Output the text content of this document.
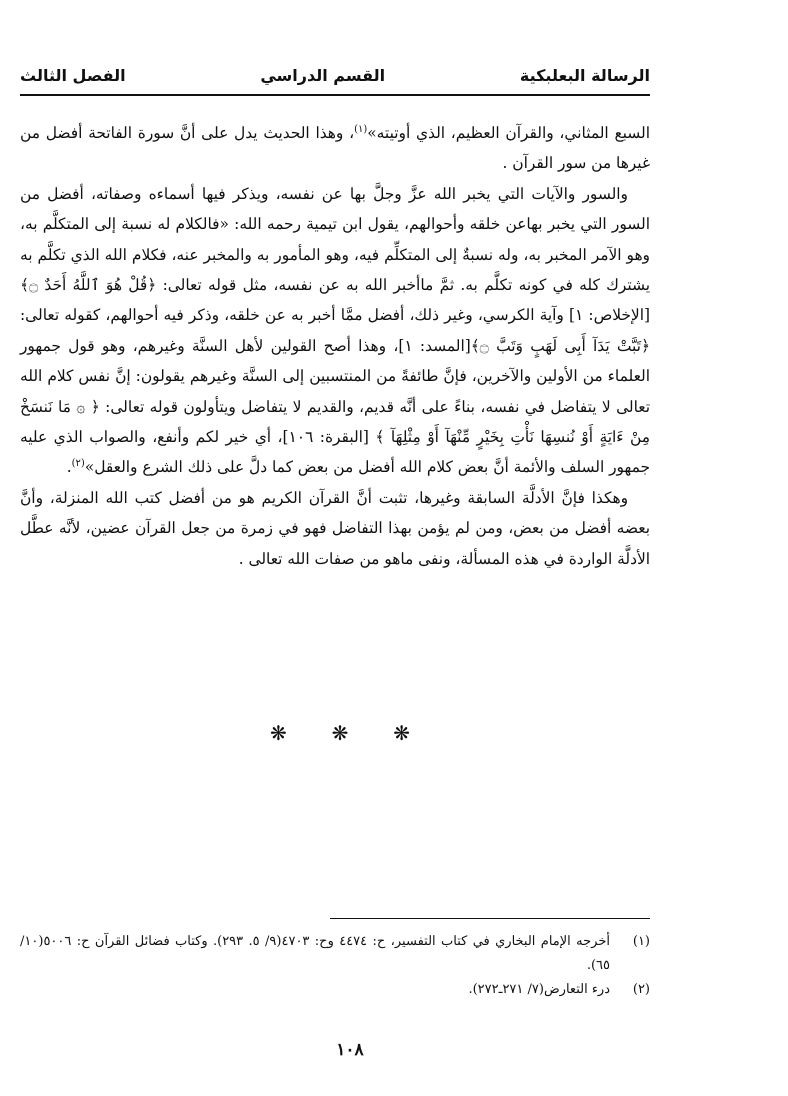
الرسالة البعلبكية
القسم الدراسي
الفصل الثالث

السبع المثاني، والقرآن العظيم، الذي أوتيته»$^{(١)}$، وهذا الحديث يدل على أنَّ سورة الفاتحة أفضل من غيرها من سور القرآن .

والسور والآيات التي يخبر الله عزَّ وجلَّ بها عن نفسه، ويذكر فيها أسماءه وصفاته، أفضل من السور التي يخبر بهاعن خلقه وأحوالهم، يقول ابن تيمية رحمه الله: «فالكلام له نسبة إلى المتكلَّم به، وهو الآمر المخبر به، وله نسبةٌ إلى المتكلِّم فيه، وهو المأمور به والمخبر عنه، فكلام الله الذي تكلَّم به يشترك كله في كونه تكلَّم به. ثمَّ ماأخبر الله به عن نفسه، مثل قوله تعالى: ﴿قُلْ هُوَ ٱللَّهُ أَحَدٌ ۝﴾ [الإخلاص: ١] وآية الكرسي، وغير ذلك، أفضل ممَّا أخبر به عن خلقه، وذكر فيه أحوالهم، كقوله تعالى: ﴿تَبَّتْ يَدَآ أَبِى لَهَبٍ وَتَبَّ ۝﴾[المسد: ١]، وهذا أصح القولين لأهل السنَّة وغيرهم، وهو قول جمهور العلماء من الأولين والآخرين، فإنَّ طائفةً من المنتسبين إلى السنَّة وغيرهم يقولون: إنَّ نفس كلام الله تعالى لا يتفاضل في نفسه، بناءً على أنَّه قديم، والقديم لا يتفاضل ويتأولون قوله تعالى: ﴿ ۞ مَا نَنسَخْ مِنْ ءَايَةٍ أَوْ نُنسِهَا نَأْتِ بِخَيْرٍ مِّنْهَآ أَوْ مِثْلِهَآ ﴾ [البقرة: ١٠٦]، أي خير لكم وأنفع، والصواب الذي عليه جمهور السلف والأئمة أنَّ بعض كلام الله أفضل من بعض كما دلَّ على ذلك الشرع والعقل»$^{(٢)}$.

وهكذا فإنَّ الأدلَّة السابقة وغيرها، تثبت أنَّ القرآن الكريم هو من أفضل كتب الله المنزلة، وأنَّ بعضه أفضل من بعض، ومن لم يؤمن بهذا التفاضل فهو في زمرة من جعل القرآن عضين، لأنَّه عطَّل الأدلَّة الواردة في هذه المسألة، ونفى ماهو من صفات الله تعالى .

❋
❋
❋
(١)
أخرجه الإمام البخاري في كتاب التفسير، ح: ٤٤٧٤ وح: ٤٧٠٣(٩/ ٥. ٢٩٣). وكتاب فضائل القرآن ح: ٥٠٠٦(١٠/ ٦٥).
(٢)
درء التعارض(٧/ ٢٧١ـ٢٧٢).
١٠٨
